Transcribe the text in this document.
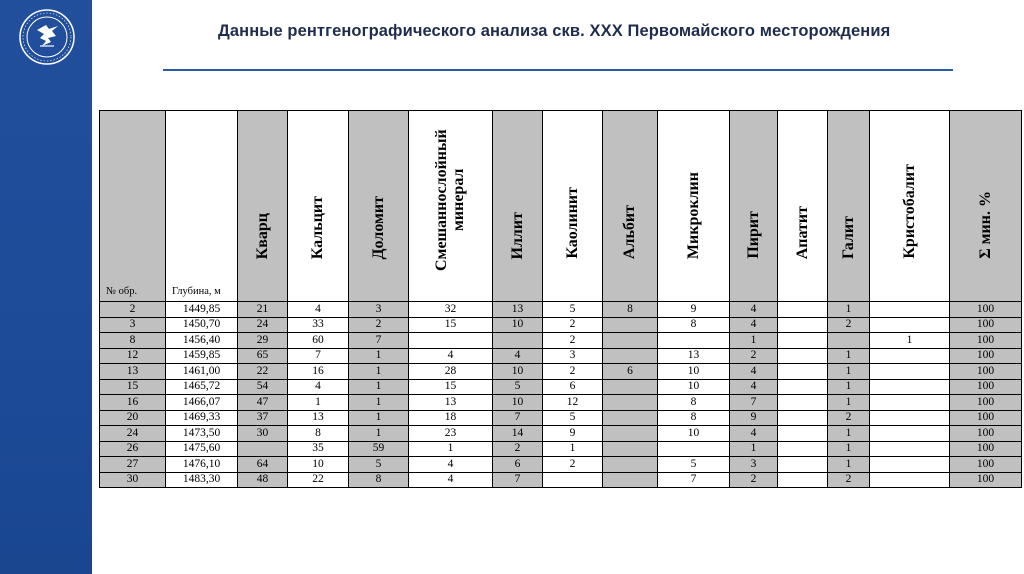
Данные рентгенографического анализа скв. ХХХ Первомайского месторождения
№ обр.	Глубина, м	Кварц	Кальцит	Доломит	Смешаннослойный минерал	Иллит	Каолинит	Альбит	Микроклин	Пирит	Апатит	Галит	Кристобалит	Σ мин. %
2	1449,85	21	4	3	32	13	5	8	9	4		1		100
3	1450,70	24	33	2	15	10	2		8	4		2		100
8	1456,40	29	60	7			2			1			1	100
12	1459,85	65	7	1	4	4	3		13	2		1		100
13	1461,00	22	16	1	28	10	2	6	10	4		1		100
15	1465,72	54	4	1	15	5	6		10	4		1		100
16	1466,07	47	1	1	13	10	12		8	7		1		100
20	1469,33	37	13	1	18	7	5		8	9		2		100
24	1473,50	30	8	1	23	14	9		10	4		1		100
26	1475,60		35	59	1	2	1			1		1		100
27	1476,10	64	10	5	4	6	2		5	3		1		100
30	1483,30	48	22	8	4	7			7	2		2		100
